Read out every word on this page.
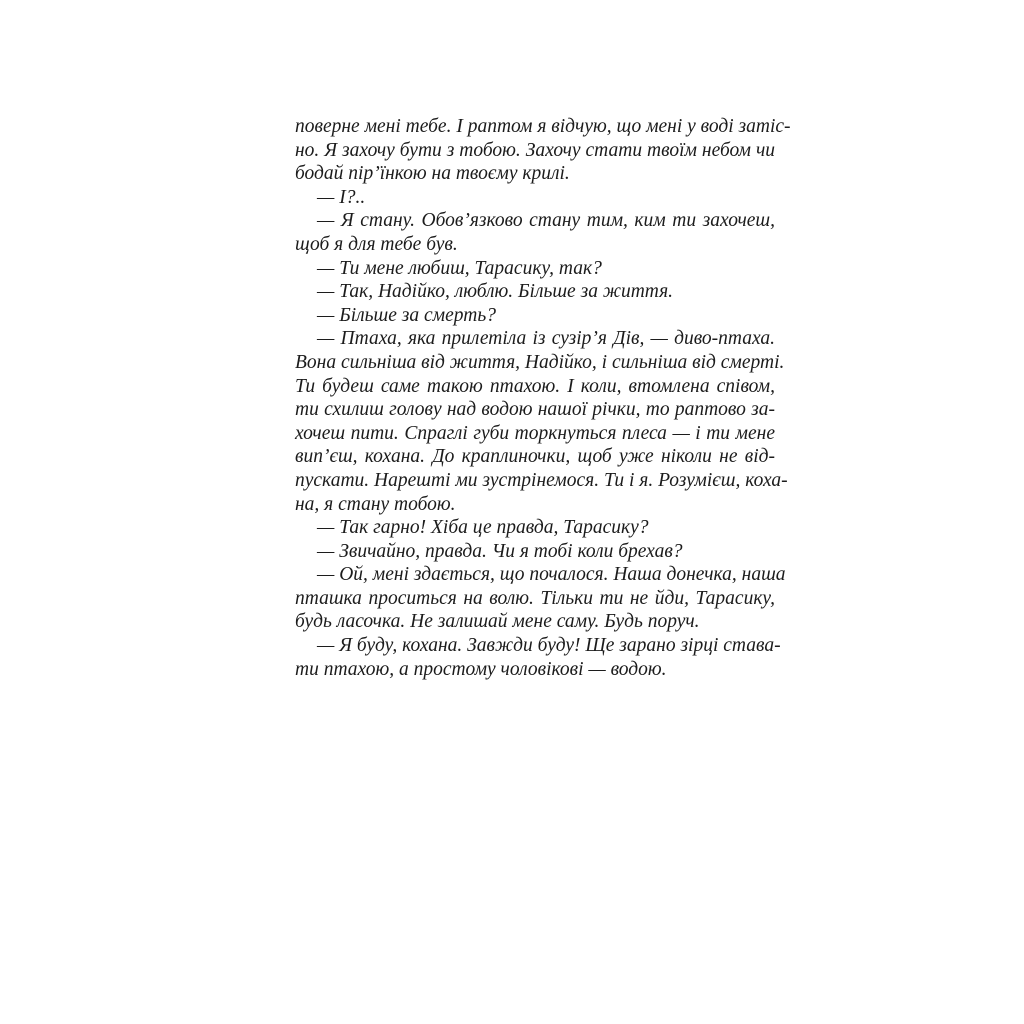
поверне мені тебе. І раптом я відчую, що мені у воді затіс-
но. Я захочу бути з тобою. Захочу стати твоїм небом чи
бодай пір’їнкою на твоєму крилі.
— І?..
— Я стану. Обов’язково стану тим, ким ти захочеш,
щоб я для тебе був.
— Ти мене любиш, Тарасику, так?
— Так, Надійко, люблю. Більше за життя.
— Більше за смерть?
— Птаха, яка прилетіла із сузір’я Дів, — диво-птаха.
Вона сильніша від життя, Надійко, і сильніша від смерті.
Ти будеш саме такою птахою. І коли, втомлена співом,
ти схилиш голову над водою нашої річки, то раптово за-
хочеш пити. Спраглі губи торкнуться плеса — і ти мене
вип’єш, кохана. До краплиночки, щоб уже ніколи не від-
пускати. Нарешті ми зустрінемося. Ти і я. Розумієш, коха-
на, я стану тобою.
— Так гарно! Хіба це правда, Тарасику?
— Звичайно, правда. Чи я тобі коли брехав?
— Ой, мені здається, що почалося. Наша донечка, наша
пташка проситься на волю. Тільки ти не йди, Тарасику,
будь ласочка. Не залишай мене саму. Будь поруч.
— Я буду, кохана. Завжди буду! Ще зарано зірці става-
ти птахою, а простому чоловікові — водою.
